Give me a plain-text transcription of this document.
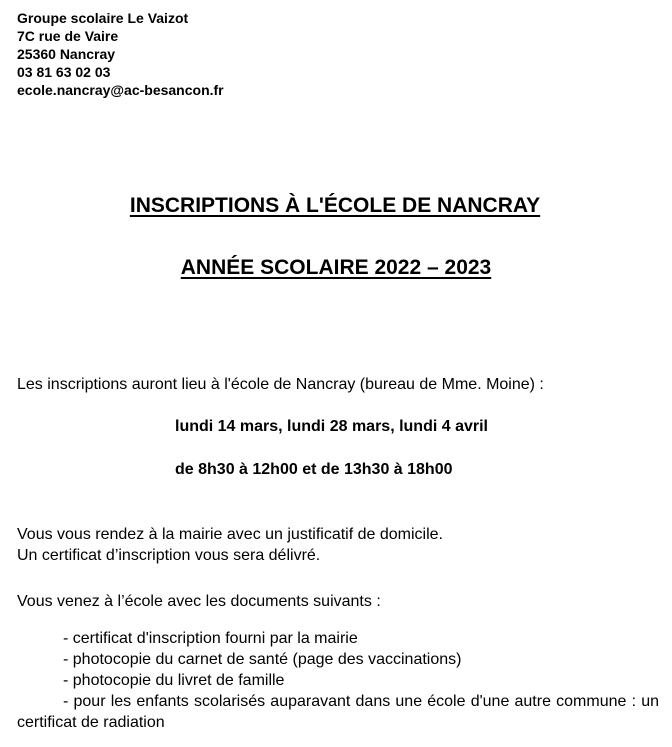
Groupe scolaire Le Vaizot
7C rue de Vaire
25360 Nancray
03 81 63 02 03
ecole.nancray@ac-besancon.fr
INSCRIPTIONS À L'ÉCOLE DE NANCRAY
ANNÉE SCOLAIRE 2022 – 2023
Les inscriptions auront lieu à l'école de Nancray (bureau de Mme. Moine) :
lundi 14 mars, lundi 28 mars, lundi 4 avril
de 8h30 à 12h00 et de 13h30 à 18h00
Vous vous rendez à la mairie avec un justificatif de domicile.
Un certificat d’inscription vous sera délivré.
Vous venez à l’école avec les documents suivants :
- certificat d'inscription fourni par la mairie
- photocopie du carnet de santé (page des vaccinations)
- photocopie du livret de famille
- pour les enfants scolarisés auparavant dans une école d'une autre commune : un certificat de radiation
